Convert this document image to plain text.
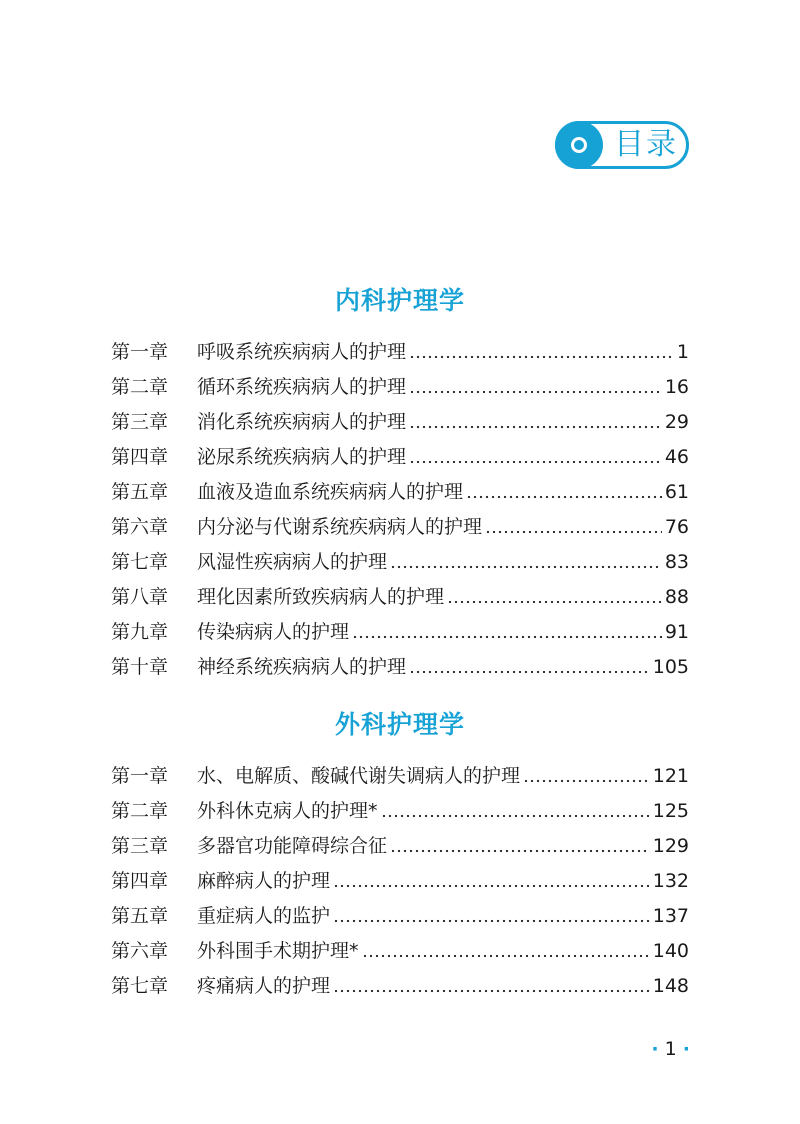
目录
内科护理学
第一章	呼吸系统疾病病人的护理	1
第二章	循环系统疾病病人的护理	16
第三章	消化系统疾病病人的护理	29
第四章	泌尿系统疾病病人的护理	46
第五章	血液及造血系统疾病病人的护理	61
第六章	内分泌与代谢系统疾病病人的护理	76
第七章	风湿性疾病病人的护理	83
第八章	理化因素所致疾病病人的护理	88
第九章	传染病病人的护理	91
第十章	神经系统疾病病人的护理	105
外科护理学
第一章	水、电解质、酸碱代谢失调病人的护理	121
第二章	外科休克病人的护理*	125
第三章	多器官功能障碍综合征	129
第四章	麻醉病人的护理	132
第五章	重症病人的监护	137
第六章	外科围手术期护理*	140
第七章	疼痛病人的护理	148
· 1 ·
